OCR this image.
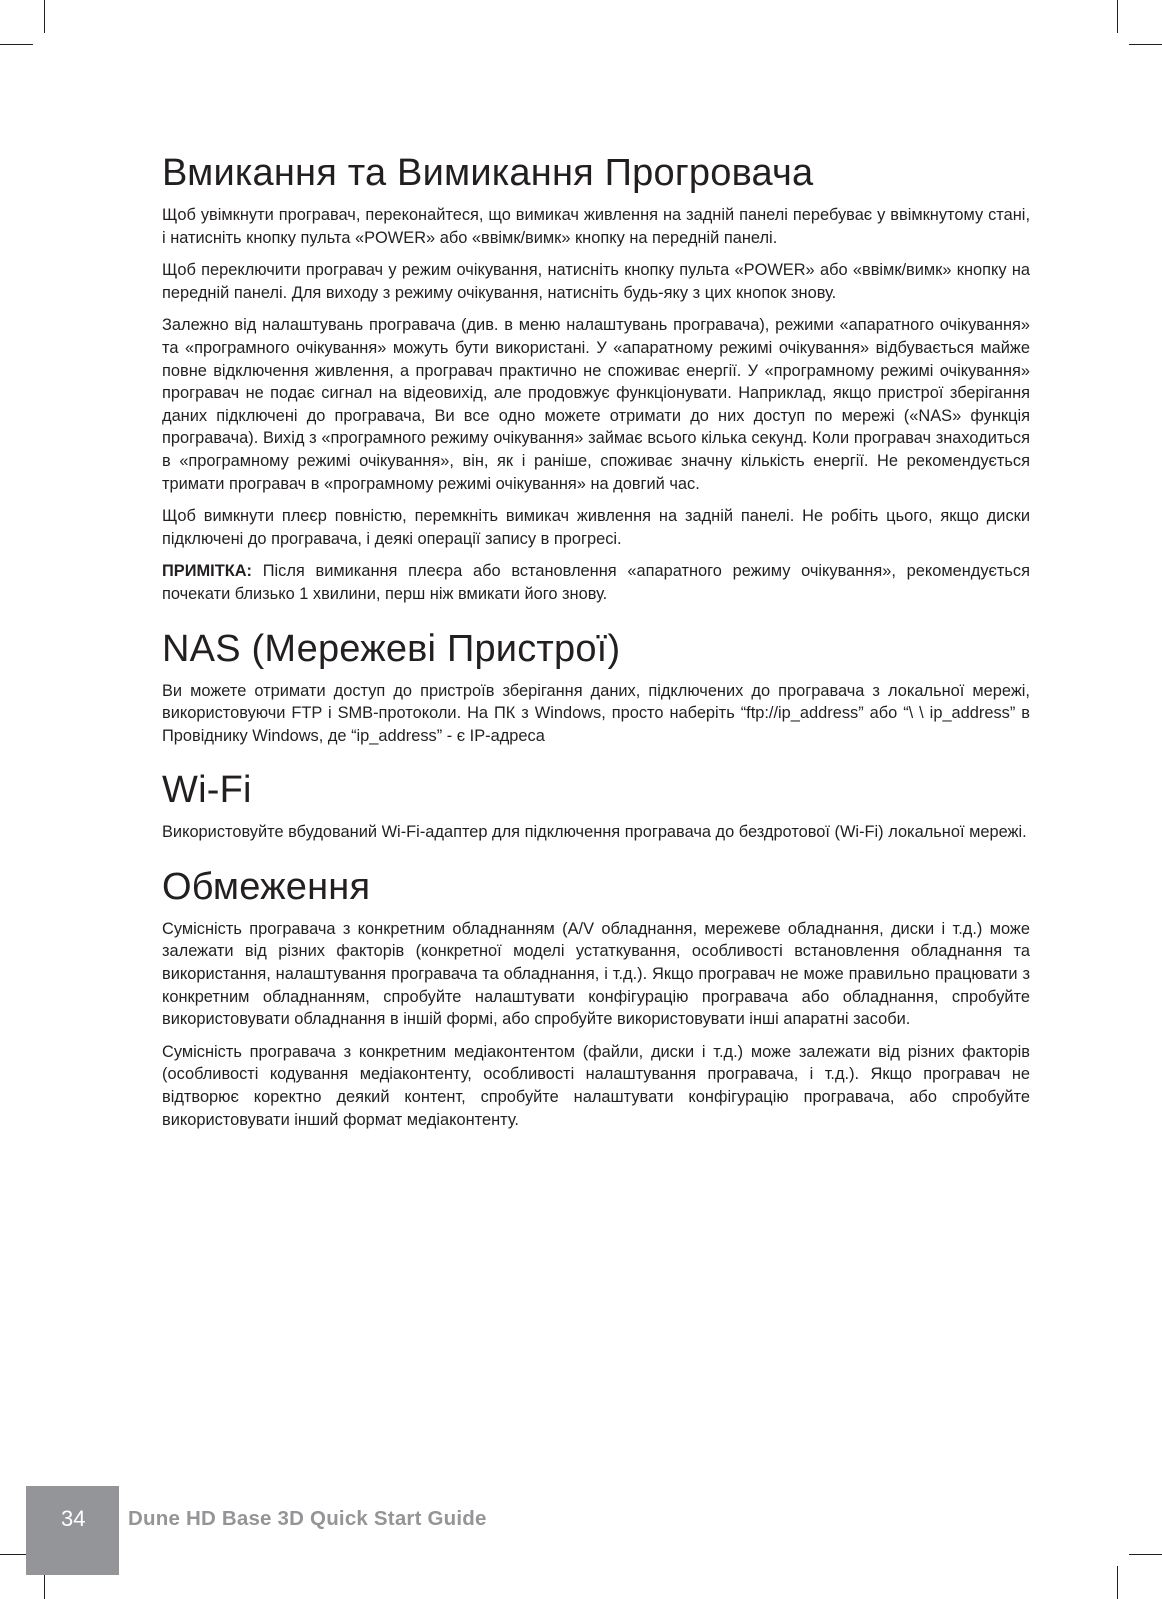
Вмикання та Вимикання Прогровача

Щоб увімкнути програвач, переконайтеся, що вимикач живлення на задній панелі перебуває у ввімкнутому стані, і натисніть кнопку пульта «POWER» або «ввімк/вимк» кнопку на передній панелі.

Щоб переключити програвач у режим очікування, натисніть кнопку пульта «POWER» або «ввімк/вимк» кнопку на передній панелі. Для виходу з режиму очікування, натисніть будь-яку з цих кнопок знову.

Залежно від налаштувань програвача (див. в меню налаштувань програвача), режими «апаратного очікування» та «програмного очікування» можуть бути використані. У «апаратному режимі очікування» відбувається майже повне відключення живлення, а програвач практично не споживає енергії. У «програмному режимі очікування» програвач не подає сигнал на відеовихід, але продовжує функціонувати. Наприклад, якщо пристрої зберігання даних підключені до програвача, Ви все одно можете отримати до них доступ по мережі («NAS» функція програвача). Вихід з «програмного режиму очікування» займає всього кілька секунд. Коли програвач знаходиться в «програмному режимі очікування», він, як і раніше, споживає значну кількість енергії. Не рекомендується тримати програвач в «програмному режимі очікування» на довгий час.

Щоб вимкнути плеєр повністю, перемкніть вимикач живлення на задній панелі. Не робіть цього, якщо диски підключені до програвача, і деякі операції запису в прогресі.

ПРИМІТКА: Після вимикання плеєра або встановлення «апаратного режиму очікування», рекомендується почекати близько 1 хвилини, перш ніж вмикати його знову.

NAS (Мережеві Пристрої)

Ви можете отримати доступ до пристроїв зберігання даних, підключених до програвача з локальної мережі, використовуючи FTP і SMB-протоколи. На ПК з Windows, просто наберіть “ftp://ip_address” або “\ \ ip_address” в Провіднику Windows, де “ip_address” - є IP-адреса

Wi-Fi

Використовуйте вбудований Wi-Fi-адаптер для підключення програвача до бездротової (Wi-Fi) локальної мережі.

Обмеження

Сумісність програвача з конкретним обладнанням (A/V обладнання, мережеве обладнання, диски і т.д.) може залежати від різних факторів (конкретної моделі устаткування, особливості встановлення обладнання та використання, налаштування програвача та обладнання, і т.д.). Якщо програвач не може правильно працювати з конкретним обладнанням, спробуйте налаштувати конфігурацію програвача або обладнання, спробуйте використовувати обладнання в іншій формі, або спробуйте використовувати інші апаратні засоби.

Сумісність програвача з конкретним медіаконтентом (файли, диски і т.д.) може залежати від різних факторів (особливості кодування медіаконтенту, особливості налаштування програвача, і т.д.). Якщо програвач не відтворює коректно деякий контент, спробуйте налаштувати конфігурацію програвача, або спробуйте використовувати інший формат медіаконтенту.

34	Dune HD Base 3D Quick Start Guide
